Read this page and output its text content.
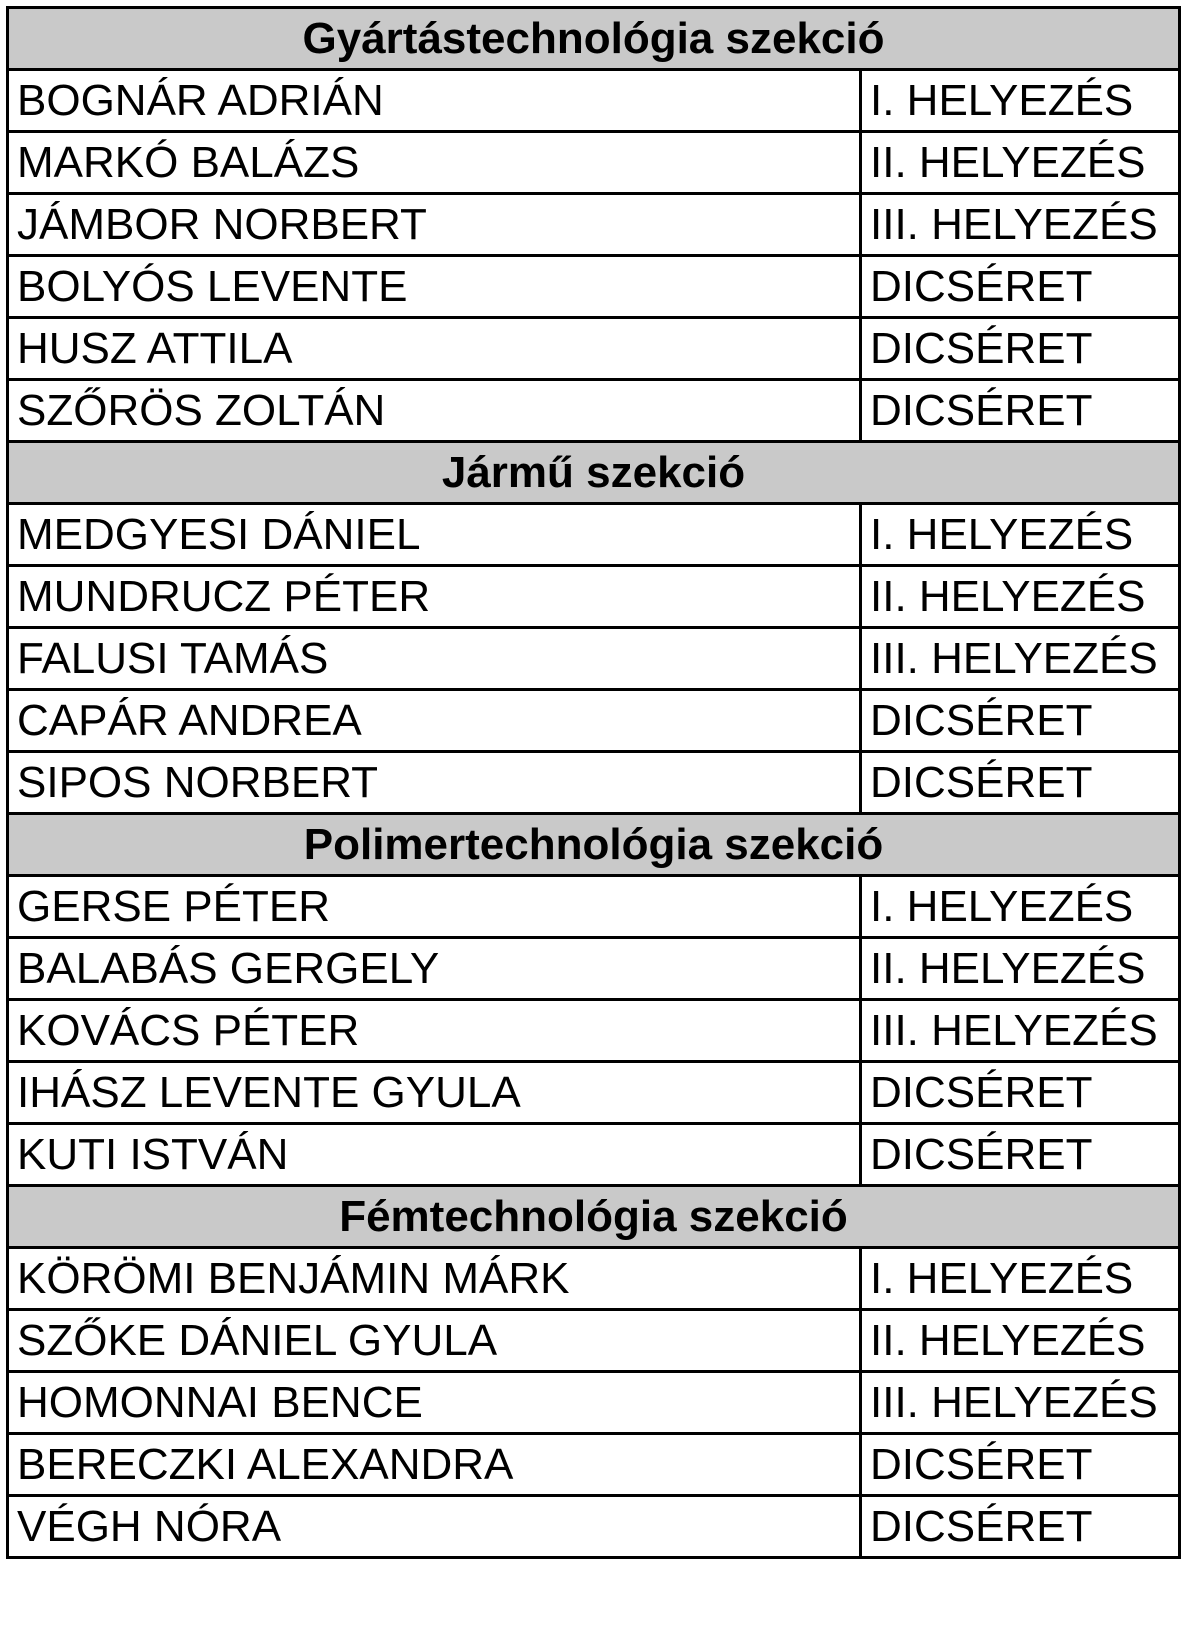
Gyártástechnológia szekció	
BOGNÁR ADRIÁN	I. HELYEZÉS
MARKÓ BALÁZS	II. HELYEZÉS
JÁMBOR NORBERT	III. HELYEZÉS
BOLYÓS LEVENTE	DICSÉRET
HUSZ ATTILA	DICSÉRET
SZŐRÖS ZOLTÁN	DICSÉRET
Jármű szekció	
MEDGYESI DÁNIEL	I. HELYEZÉS
MUNDRUCZ PÉTER	II. HELYEZÉS
FALUSI TAMÁS	III. HELYEZÉS
CAPÁR ANDREA	DICSÉRET
SIPOS NORBERT	DICSÉRET
Polimertechnológia szekció	
GERSE PÉTER	I. HELYEZÉS
BALABÁS GERGELY	II. HELYEZÉS
KOVÁCS PÉTER	III. HELYEZÉS
IHÁSZ LEVENTE GYULA	DICSÉRET
KUTI ISTVÁN	DICSÉRET
Fémtechnológia szekció	
KÖRÖMI BENJÁMIN MÁRK	I. HELYEZÉS
SZŐKE DÁNIEL GYULA	II. HELYEZÉS
HOMONNAI BENCE	III. HELYEZÉS
BERECZKI ALEXANDRA	DICSÉRET
VÉGH NÓRA	DICSÉRET
